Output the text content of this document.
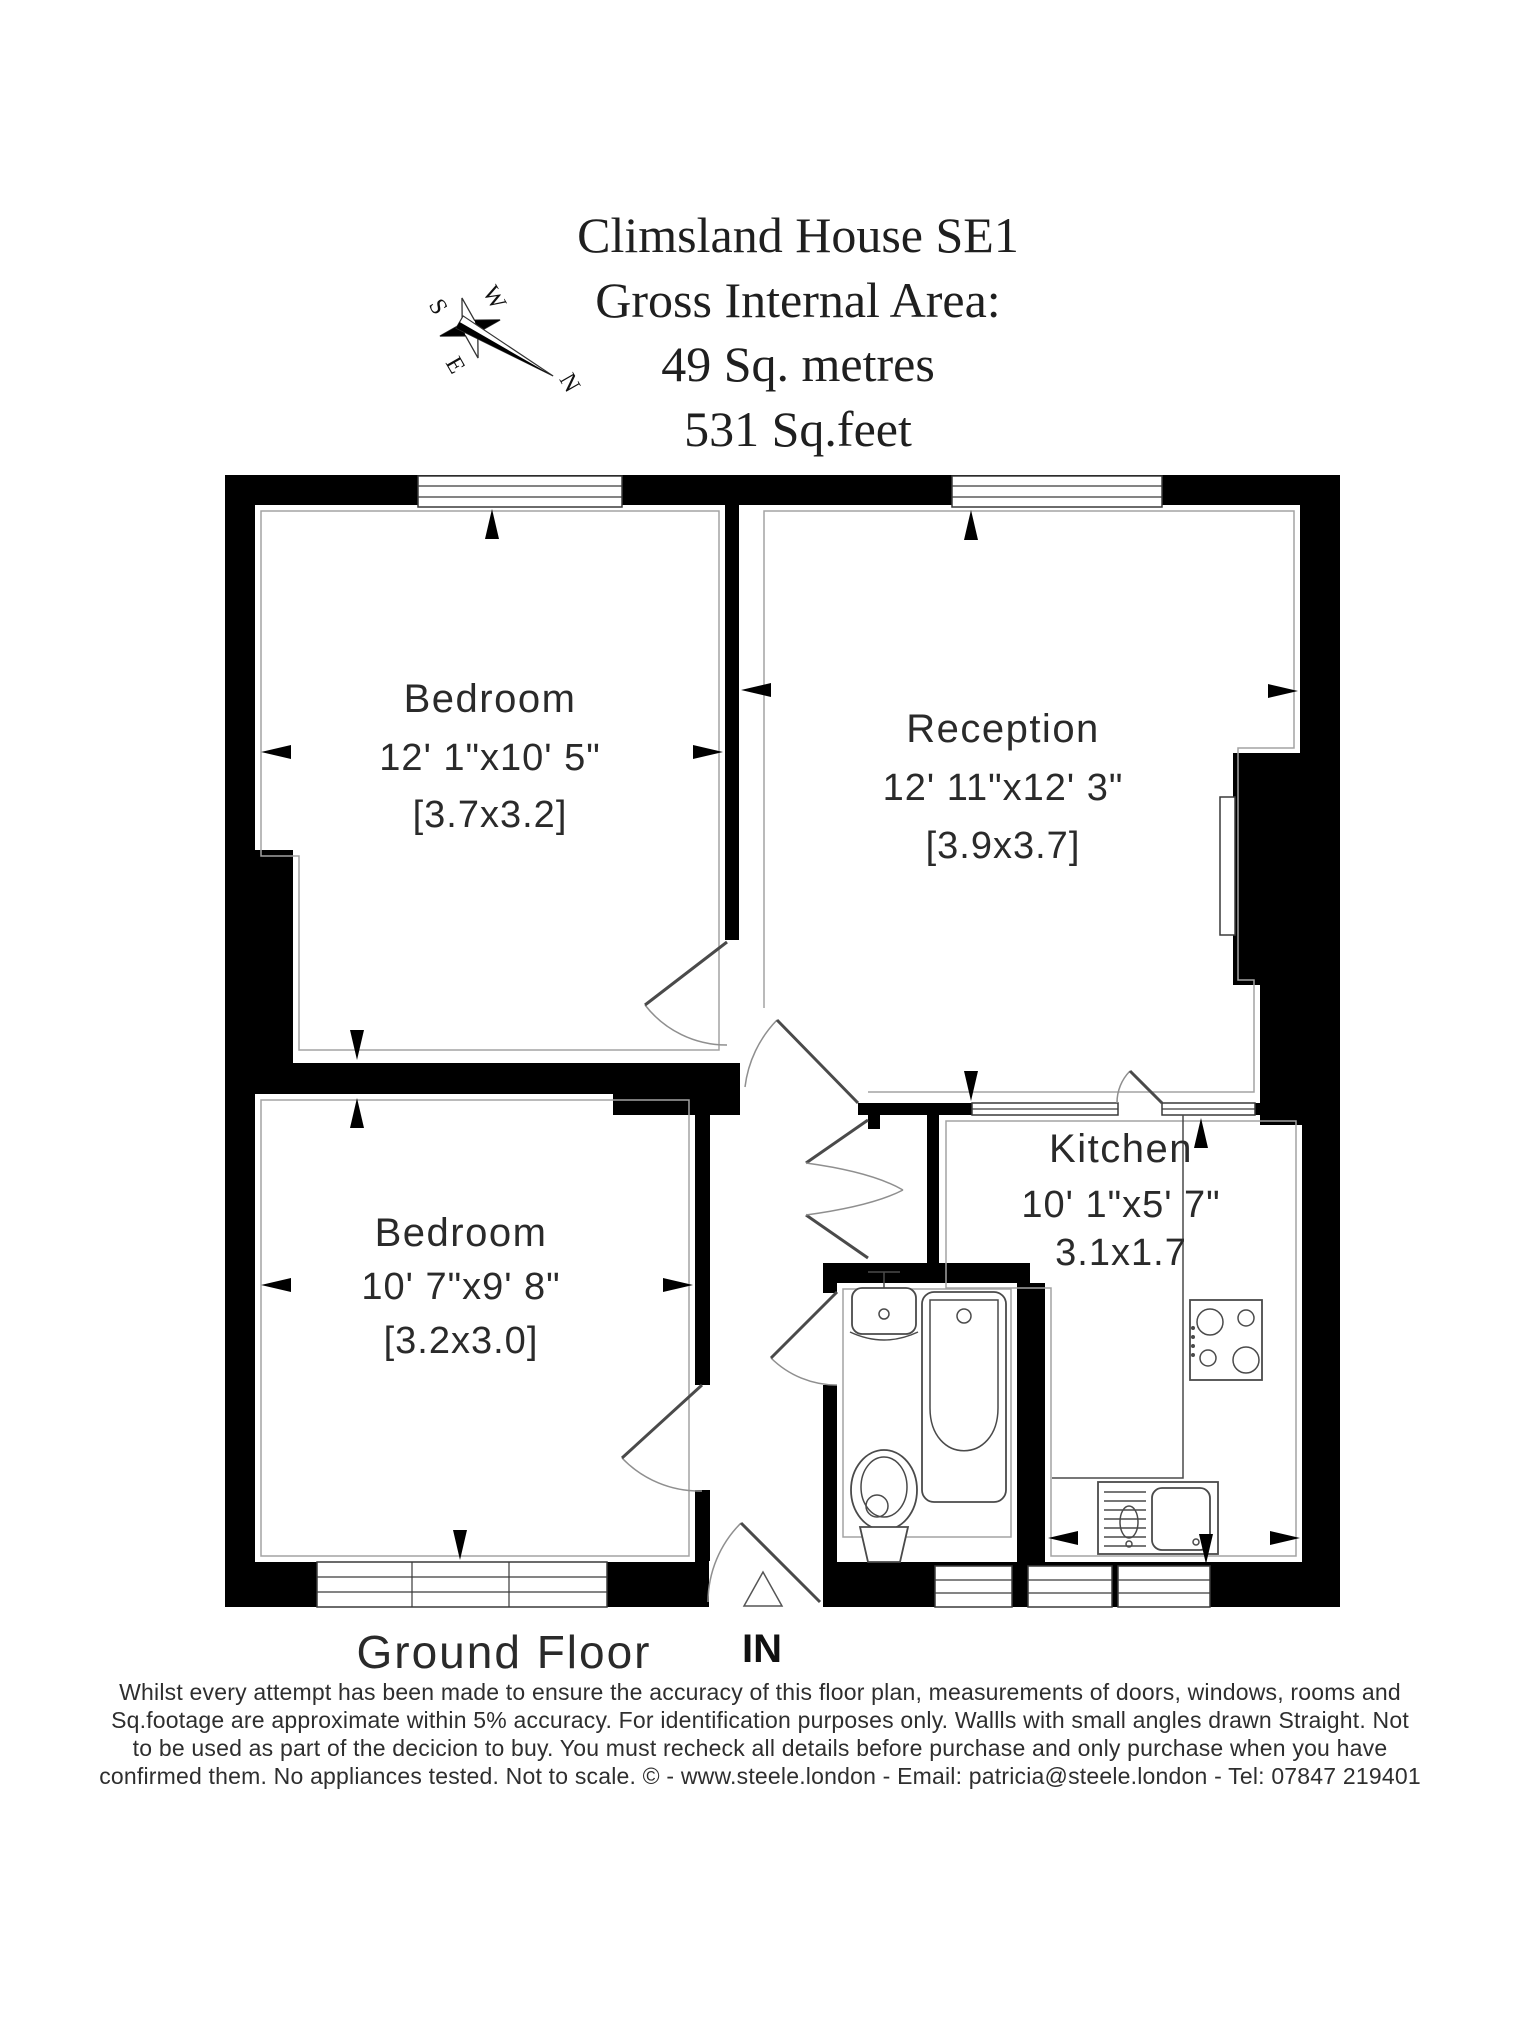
Climsland House SE1
Gross Internal Area:
49 Sq. metres
531 Sq.feet
N
S W
E
Bedroom
12' 1"x10' 5"
[3.7x3.2]
Reception
12' 11"x12' 3"
[3.9x3.7]
Bedroom
10' 7"x9' 8"
[3.2x3.0]
Kitchen
10' 1"x5' 7"
3.1x1.7
IN
Ground Floor
Whilst every attempt has been made to ensure the accuracy of this floor plan, measurements of doors, windows, rooms and
Sq.footage are approximate within 5% accuracy. For identification purposes only. Wallls with small angles drawn Straight. Not
to be used as part of the decicion to buy. You must recheck all details before purchase and only purchase when you have
confirmed them. No appliances tested. Not to scale. © - www.steele.london - Email: patricia@steele.london - Tel: 07847 219401
